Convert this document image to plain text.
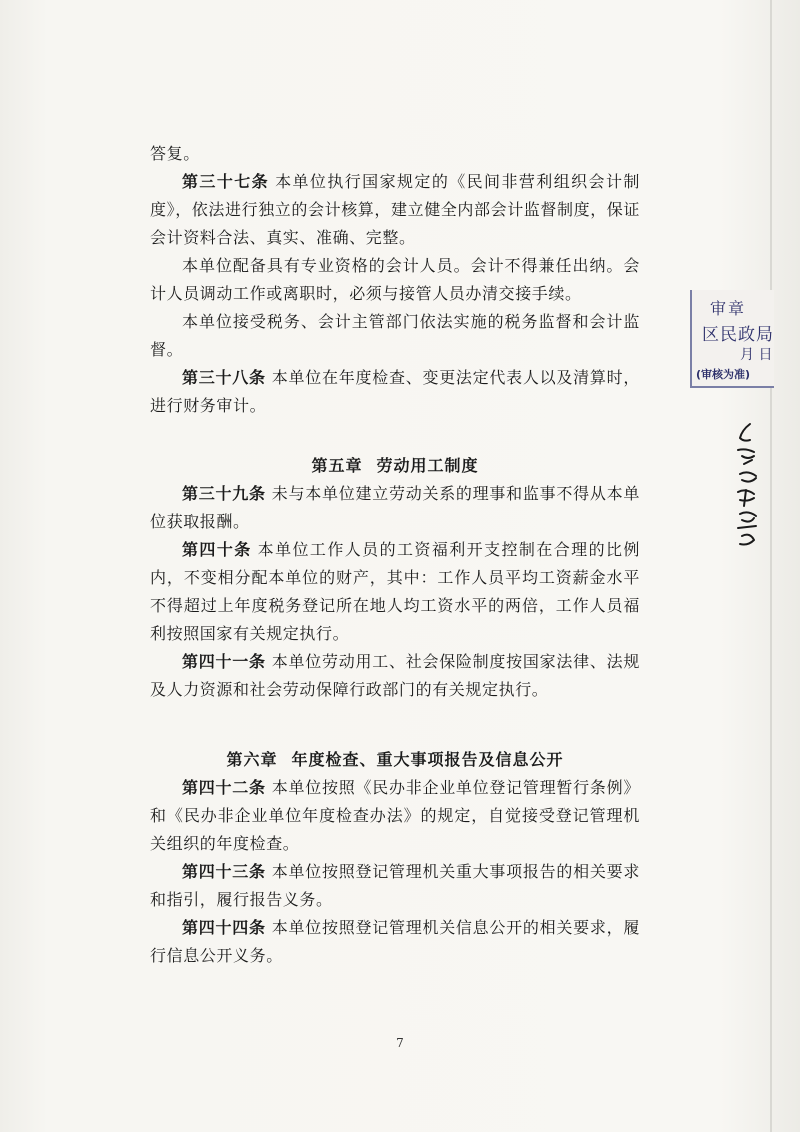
答复。

第三十七条 本单位执行国家规定的《民间非营利组织会计制度》，依法进行独立的会计核算，建立健全内部会计监督制度，保证会计资料合法、真实、准确、完整。

本单位配备具有专业资格的会计人员。会计不得兼任出纳。会计人员调动工作或离职时，必须与接管人员办清交接手续。

本单位接受税务、会计主管部门依法实施的税务监督和会计监督。

第三十八条 本单位在年度检查、变更法定代表人以及清算时，进行财务审计。

第五章 劳动用工制度

第三十九条 未与本单位建立劳动关系的理事和监事不得从本单位获取报酬。

第四十条 本单位工作人员的工资福利开支控制在合理的比例内，不变相分配本单位的财产，其中：工作人员平均工资薪金水平不得超过上年度税务登记所在地人均工资水平的两倍，工作人员福利按照国家有关规定执行。

第四十一条 本单位劳动用工、社会保险制度按国家法律、法规及人力资源和社会劳动保障行政部门的有关规定执行。

第六章 年度检查、重大事项报告及信息公开

第四十二条 本单位按照《民办非企业单位登记管理暂行条例》和《民办非企业单位年度检查办法》的规定，自觉接受登记管理机关组织的年度检查。

第四十三条 本单位按照登记管理机关重大事项报告的相关要求和指引，履行报告义务。

第四十四条 本单位按照登记管理机关信息公开的相关要求，履行信息公开义务。

7
审章
区民政局
月 日
(审核为准)
